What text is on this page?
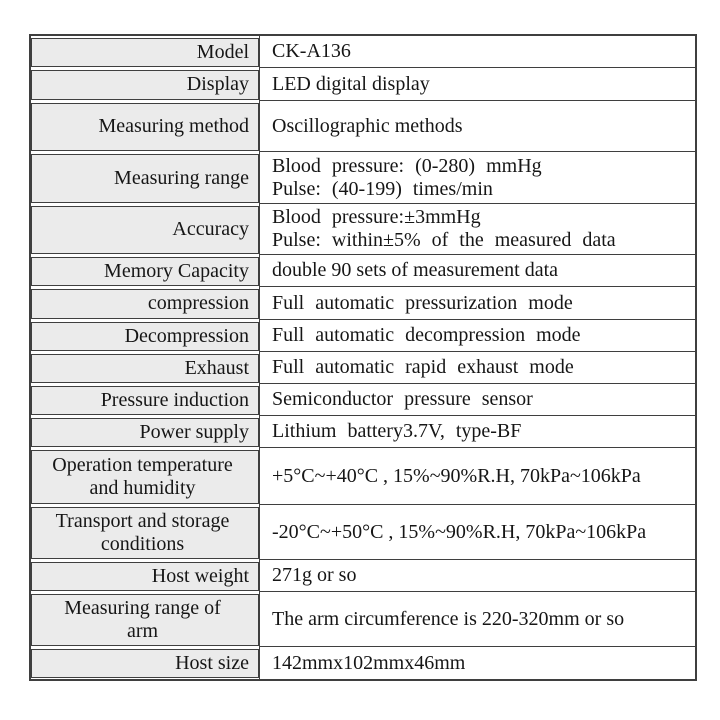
Model CK-A136
Display LED digital display
Measuring method Oscillographic methods
Measuring range
Blood pressure: (0-280) mmHg
Pulse: (40-199) times/min
Accuracy
Blood pressure:±3mmHg
Pulse: within±5% of the measured data
Memory Capacity double 90 sets of measurement data
compression Full automatic pressurization mode
Decompression Full automatic decompression mode
Exhaust Full automatic rapid exhaust mode
Pressure induction Semiconductor pressure sensor
Power supply Lithium battery3.7V, type-BF
Operation temperature
and humidity
+5°C~+40°C , 15%~90%R.H, 70kPa~106kPa
Transport and storage
conditions
-20°C~+50°C , 15%~90%R.H, 70kPa~106kPa
Host weight 271g or so
Measuring range of
arm
The arm circumference is 220-320mm or so
Host size 142mmx102mmx46mm
